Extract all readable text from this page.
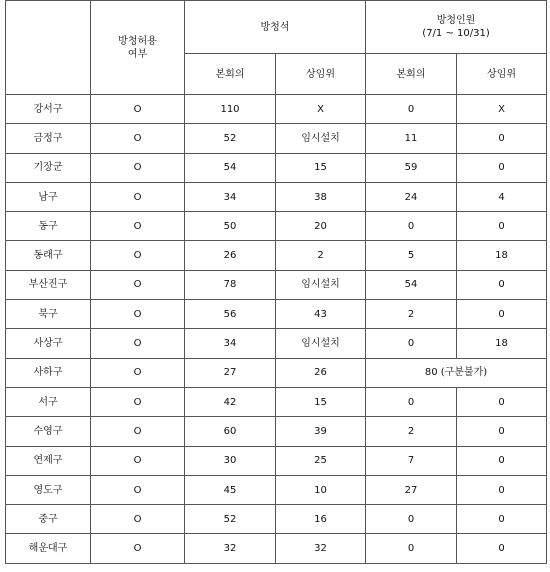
	방청허용
여부	방청석		방청인원
(7/1 ~ 10/31)	

		본회의	상임위	본회의	상임위
강서구	O	110	X	0	X
금정구	O	52	임시설치	11	0
기장군	O	54	15	59	0
남구	O	34	38	24	4
동구	O	50	20	0	0
동래구	O	26	2	5	18
부산진구	O	78	임시설치	54	0
북구	O	56	43	2	0
사상구	O	34	임시설치	0	18
사하구	O	27	26	80 (구분불가)	
서구	O	42	15	0	0
수영구	O	60	39	2	0
연제구	O	30	25	7	0
영도구	O	45	10	27	0
중구	O	52	16	0	0
해운대구	O	32	32	0	0
